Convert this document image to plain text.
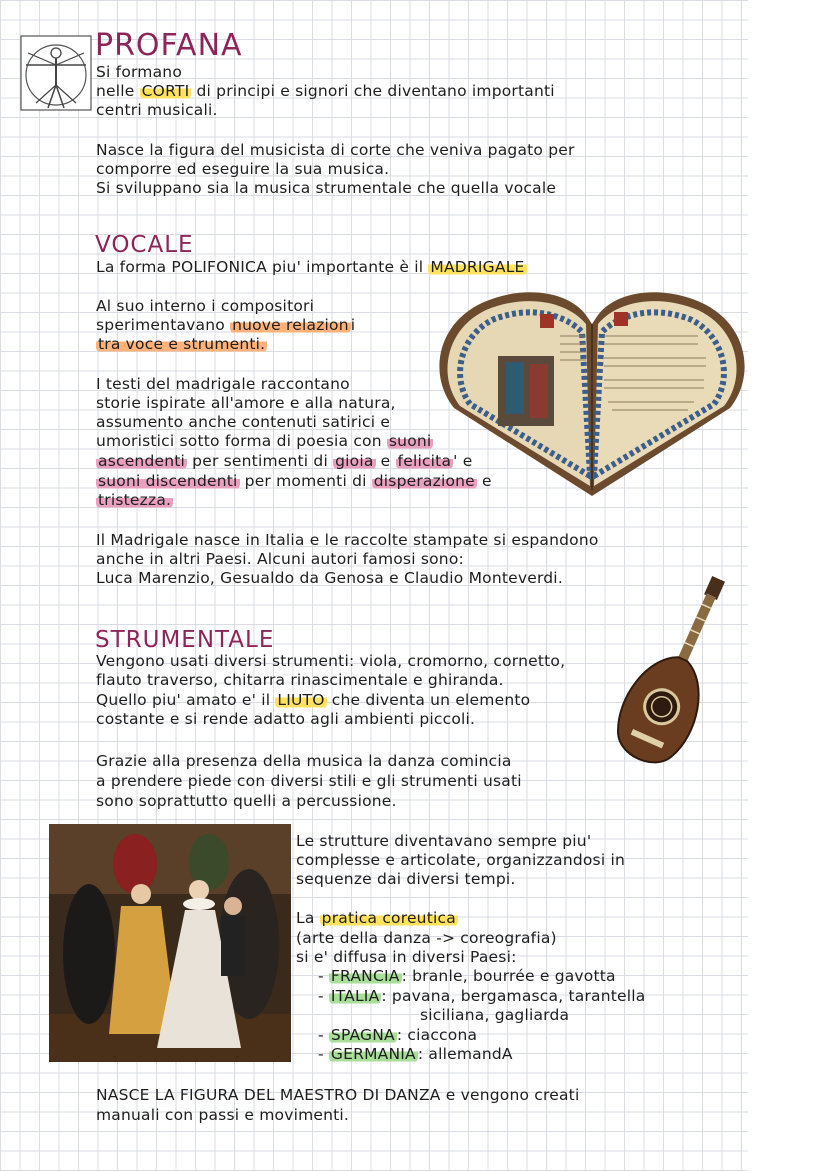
PROFANA

Si formano

nelle CORTI di principi e signori che diventano importanti

centri musicali.

Nasce la figura del musicista di corte che veniva pagato per

comporre ed eseguire la sua musica.

Si sviluppano sia la musica strumentale che quella vocale

VOCALE

La forma POLIFONICA piu' importante è il MADRIGALE

Al suo interno i compositori

sperimentavano nuove relazion i

tra voce e strumenti.

I testi del madrigale raccontano

storie ispirate all'amore e alla natura,

assumento anche contenuti satirici e

umoristici sotto forma di poesia con suoni

ascendenti per sentimenti di gioia e felicita ' e

suoni discendenti per momenti di disperazione e

tristezza.

Il Madrigale nasce in Italia e le raccolte stampate si espandono

anche in altri Paesi. Alcuni autori famosi sono:

Luca Marenzio, Gesualdo da Genosa e Claudio Monteverdi.

STRUMENTALE

Vengono usati diversi strumenti: viola, cromorno, cornetto,

flauto traverso, chitarra rinascimentale e ghiranda.

Quello piu' amato e' il LIUTO che diventa un elemento

costante e si rende adatto agli ambienti piccoli.

Grazie alla presenza della musica la danza comincia

a prendere piede con diversi stili e gli strumenti usati

sono soprattutto quelli a percussione.

Le strutture diventavano sempre piu'

complesse e articolate, organizzandosi in

sequenze dai diversi tempi.

La pratica coreutica

(arte della danza -> coreografia)

si e' diffusa in diversi Paesi:

- FRANCIA : branle, bourrée e gavotta

- ITALIA : pavana, bergamasca, tarantella

siciliana, gagliarda

- SPAGNA : ciaccona

- GERMANIA : allemandA

NASCE LA FIGURA DEL MAESTRO DI DANZA e vengono creati

manuali con passi e movimenti.
